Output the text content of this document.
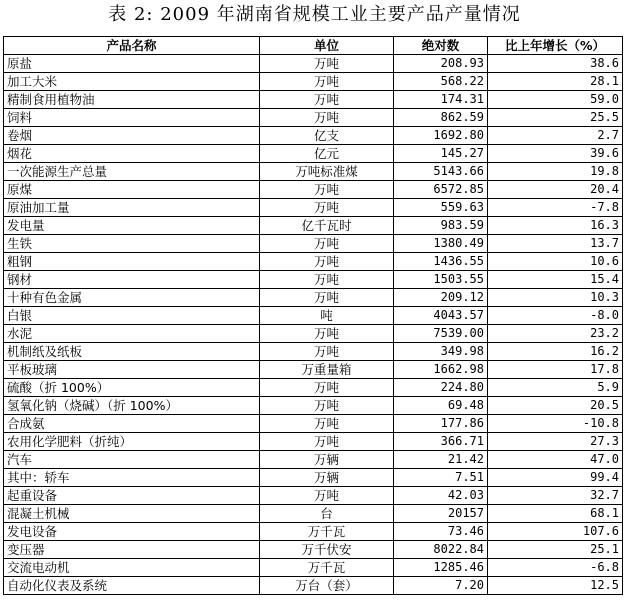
表 2: 2009 年湖南省规模工业主要产品产量情况
产品名称	单位	绝对数	比上年增长（%）
原盐	万吨	208.93	38.6
加工大米	万吨	568.22	28.1
精制食用植物油	万吨	174.31	59.0
饲料	万吨	862.59	25.5
卷烟	亿支	1692.80	2.7
烟花	亿元	145.27	39.6
一次能源生产总量	万吨标准煤	5143.66	19.8
原煤	万吨	6572.85	20.4
原油加工量	万吨	559.63	-7.8
发电量	亿千瓦时	983.59	16.3
生铁	万吨	1380.49	13.7
粗钢	万吨	1436.55	10.6
钢材	万吨	1503.55	15.4
十种有色金属	万吨	209.12	10.3
白银	吨	4043.57	-8.0
水泥	万吨	7539.00	23.2
机制纸及纸板	万吨	349.98	16.2
平板玻璃	万重量箱	1662.98	17.8
硫酸（折 100%）	万吨	224.80	5.9
氢氧化钠（烧碱）（折 100%）	万吨	69.48	20.5
合成氨	万吨	177.86	-10.8
农用化学肥料（折纯）	万吨	366.71	27.3
汽车	万辆	21.42	47.0
其中：轿车	万辆	7.51	99.4
起重设备	万吨	42.03	32.7
混凝土机械	台	20157	68.1
发电设备	万千瓦	73.46	107.6
变压器	万千伏安	8022.84	25.1
交流电动机	万千瓦	1285.46	-6.8
自动化仪表及系统	万台（套）	7.20	12.5
